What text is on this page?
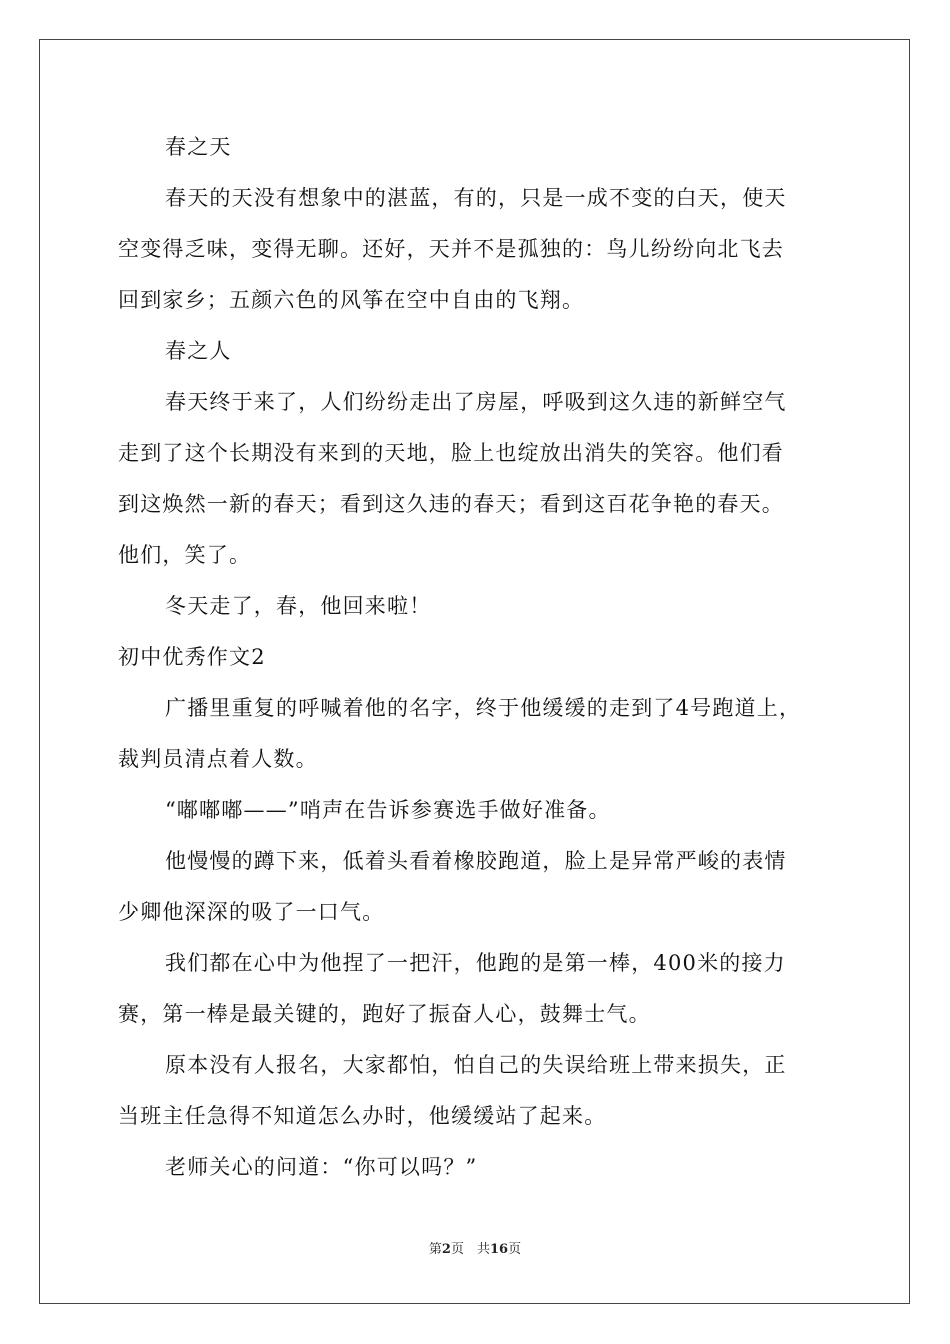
春之天
春天的天没有想象中的湛蓝，有的，只是一成不变的白天，使天
空变得乏味，变得无聊。还好，天并不是孤独的：鸟儿纷纷向北飞去
回到家乡；五颜六色的风筝在空中自由的飞翔。
春之人
春天终于来了，人们纷纷走出了房屋，呼吸到这久违的新鲜空气
走到了这个长期没有来到的天地，脸上也绽放出消失的笑容。他们看
到这焕然一新的春天；看到这久违的春天；看到这百花争艳的春天。
他们，笑了。
冬天走了，春，他回来啦！
初中优秀作文2
广播里重复的呼喊着他的名字，终于他缓缓的走到了4号跑道上，
裁判员清点着人数。
“嘟嘟嘟——”哨声在告诉参赛选手做好准备。
他慢慢的蹲下来，低着头看着橡胶跑道，脸上是异常严峻的表情
少卿他深深的吸了一口气。
我们都在心中为他捏了一把汗，他跑的是第一棒，400米的接力
赛，第一棒是最关键的，跑好了振奋人心，鼓舞士气。
原本没有人报名，大家都怕，怕自己的失误给班上带来损失，正
当班主任急得不知道怎么办时，他缓缓站了起来。
老师关心的问道：“你可以吗？”
第2页　共16页
